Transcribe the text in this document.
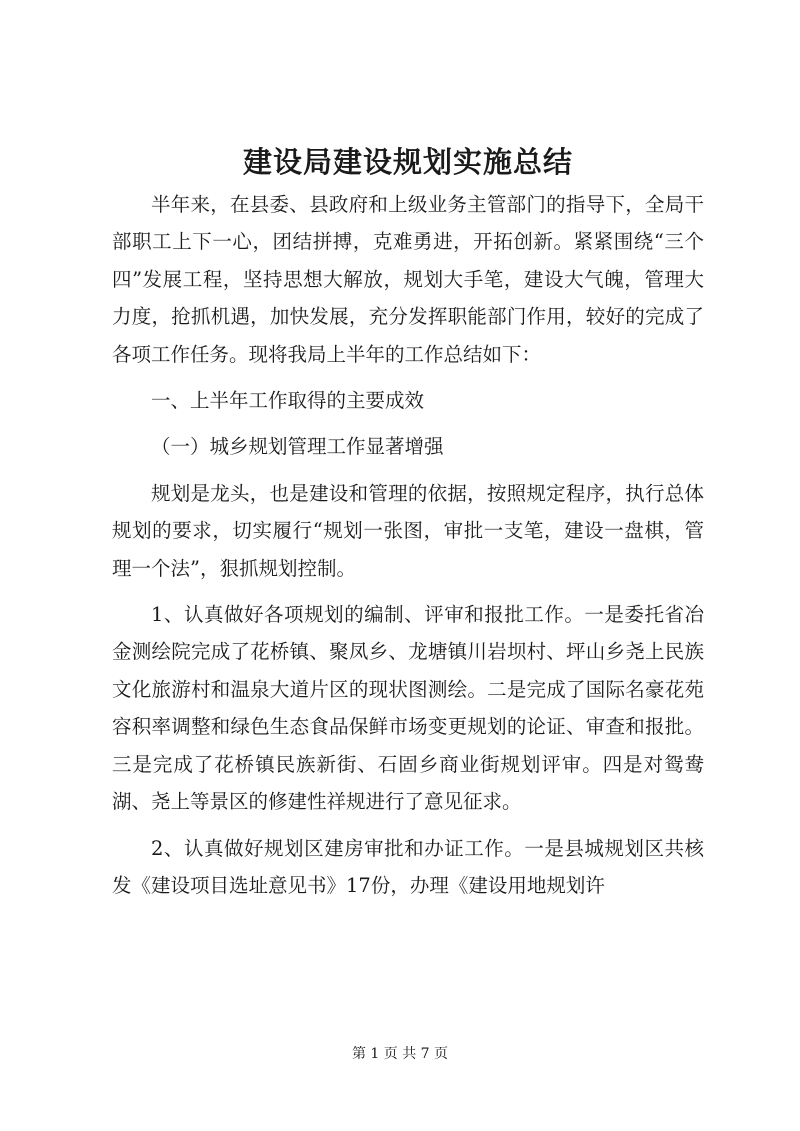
建设局建设规划实施总结

半年来，在县委、县政府和上级业务主管部门的指导下，全局干部职工上下一心，团结拼搏，克难勇进，开拓创新。紧紧围绕“三个四”发展工程，坚持思想大解放，规划大手笔，建设大气魄，管理大力度，抢抓机遇，加快发展，充分发挥职能部门作用，较好的完成了各项工作任务。现将我局上半年的工作总结如下：

一、上半年工作取得的主要成效

（一）城乡规划管理工作显著增强

规划是龙头，也是建设和管理的依据，按照规定程序，执行总体规划的要求，切实履行“规划一张图，审批一支笔，建设一盘棋，管理一个法”，狠抓规划控制。

1、认真做好各项规划的编制、评审和报批工作。一是委托省冶金测绘院完成了花桥镇、聚凤乡、龙塘镇川岩坝村、坪山乡尧上民族文化旅游村和温泉大道片区的现状图测绘。二是完成了国际名豪花苑容积率调整和绿色生态食品保鲜市场变更规划的论证、审查和报批。三是完成了花桥镇民族新街、石固乡商业街规划评审。四是对鸳鸯湖、尧上等景区的修建性祥规进行了意见征求。

2、认真做好规划区建房审批和办证工作。一是县城规划区共核发《建设项目选址意见书》17份，办理《建设用地规划许

第 1 页 共 7 页
